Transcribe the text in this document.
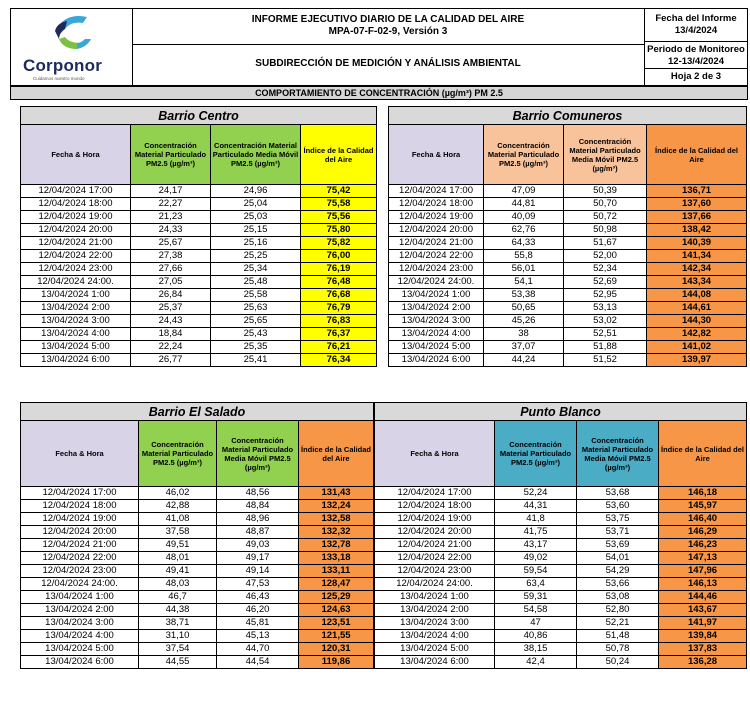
Corponor
Cuidamos nuestro mundo
INFORME EJECUTIVO DIARIO DE LA CALIDAD DEL AIRE
MPA-07-F-02-9, Versión 3
SUBDIRECCIÓN DE MEDICIÓN Y ANÁLISIS AMBIENTAL
Fecha del Informe
13/4/2024
Periodo de Monitoreo
12-13/4/2024
Hoja 2 de 3
COMPORTAMIENTO DE CONCENTRACIÓN (µg/m³) PM 2.5
Barrio Centro					Barrio Comuneros			
Fecha & Hora	Concentración Material Particulado PM2.5 (µg/m³)	Concentración Material Particulado Media Móvil PM2.5 (µg/m³)	Índice de la Calidad del Aire		Fecha & Hora	Concentración Material Particulado PM2.5 (µg/m³)	Concentración Material Particulado Media Móvil PM2.5 (µg/m³)	Índice de la Calidad del Aire
12/04/2024 17:00	24,17	24,96	75,42		12/04/2024 17:00	47,09	50,39	136,71
12/04/2024 18:00	22,27	25,04	75,58		12/04/2024 18:00	44,81	50,70	137,60
12/04/2024 19:00	21,23	25,03	75,56		12/04/2024 19:00	40,09	50,72	137,66
12/04/2024 20:00	24,33	25,15	75,80		12/04/2024 20:00	62,76	50,98	138,42
12/04/2024 21:00	25,67	25,16	75,82		12/04/2024 21:00	64,33	51,67	140,39
12/04/2024 22:00	27,38	25,25	76,00		12/04/2024 22:00	55,8	52,00	141,34
12/04/2024 23:00	27,66	25,34	76,19		12/04/2024 23:00	56,01	52,34	142,34
12/04/2024 24:00.	27,05	25,48	76,48		12/04/2024 24:00.	54,1	52,69	143,34
13/04/2024 1:00	26,84	25,58	76,68		13/04/2024 1:00	53,38	52,95	144,08
13/04/2024 2:00	25,37	25,63	76,79		13/04/2024 2:00	50,65	53,13	144,61
13/04/2024 3:00	24,43	25,65	76,83		13/04/2024 3:00	45,26	53,02	144,30
13/04/2024 4:00	18,84	25,43	76,37		13/04/2024 4:00	38	52,51	142,82
13/04/2024 5:00	22,24	25,35	76,21		13/04/2024 5:00	37,07	51,88	141,02
13/04/2024 6:00	26,77	25,41	76,34		13/04/2024 6:00	44,24	51,52	139,97
Barrio El Salado				Punto Blanco			
Fecha & Hora	Concentración Material Particulado PM2.5 (µg/m³)	Concentración Material Particulado Media Móvil PM2.5 (µg/m³)	Índice de la Calidad del Aire		Fecha & Hora	Concentración Material Particulado PM2.5 (µg/m³)	Concentración Material Particulado Media Móvil PM2.5 (µg/m³)	Índice de la Calidad del Aire
12/04/2024 17:00	46,02	48,56	131,43		12/04/2024 17:00	52,24	53,68	146,18
12/04/2024 18:00	42,88	48,84	132,24		12/04/2024 18:00	44,31	53,60	145,97
12/04/2024 19:00	41,08	48,96	132,58		12/04/2024 19:00	41,8	53,75	146,40
12/04/2024 20:00	37,58	48,87	132,32		12/04/2024 20:00	41,75	53,71	146,29
12/04/2024 21:00	49,51	49,03	132,78		12/04/2024 21:00	43,17	53,69	146,23
12/04/2024 22:00	48,01	49,17	133,18		12/04/2024 22:00	49,02	54,01	147,13
12/04/2024 23:00	49,41	49,14	133,11		12/04/2024 23:00	59,54	54,29	147,96
12/04/2024 24:00.	48,03	47,53	128,47		12/04/2024 24:00.	63,4	53,66	146,13
13/04/2024 1:00	46,7	46,43	125,29		13/04/2024 1:00	59,31	53,08	144,46
13/04/2024 2:00	44,38	46,20	124,63		13/04/2024 2:00	54,58	52,80	143,67
13/04/2024 3:00	38,71	45,81	123,51		13/04/2024 3:00	47	52,21	141,97
13/04/2024 4:00	31,10	45,13	121,55		13/04/2024 4:00	40,86	51,48	139,84
13/04/2024 5:00	37,54	44,70	120,31		13/04/2024 5:00	38,15	50,78	137,83
13/04/2024 6:00	44,55	44,54	119,86		13/04/2024 6:00	42,4	50,24	136,28
